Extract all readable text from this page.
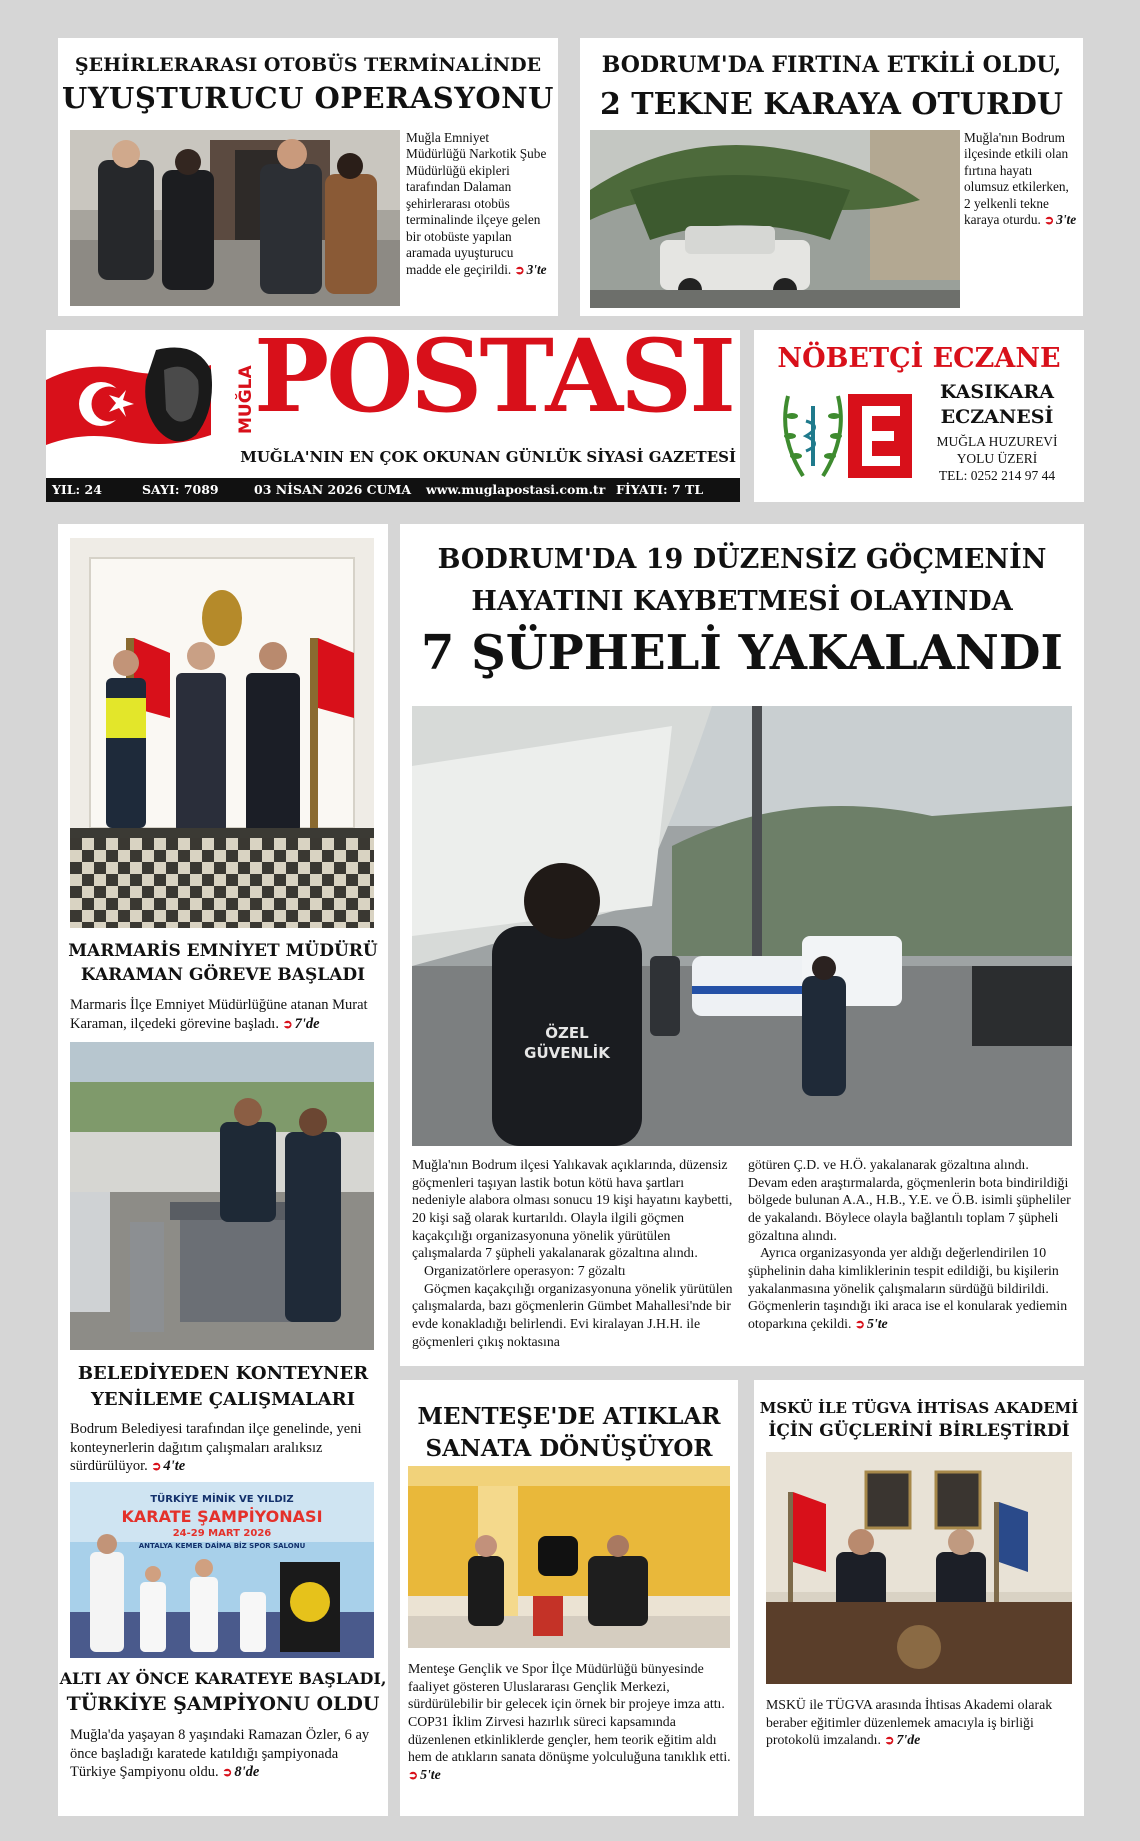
ŞEHİRLERARASI OTOBÜS TERMİNALİNDE
UYUŞTURUCU OPERASYONU
Muğla Emniyet Müdürlüğü Narkotik Şube Müdürlüğü ekipleri tarafından Dalaman şehirlerarası otobüs terminalinde ilçeye gelen bir otobüste yapılan aramada uyuşturucu madde ele geçirildi. ➲ 3'te
BODRUM'DA FIRTINA ETKİLİ OLDU,
2 TEKNE KARAYA OTURDU
Muğla'nın Bodrum ilçesinde etkili olan fırtına hayatı olumsuz etkilerken, 2 yelkenli tekne karaya oturdu. ➲ 3'te
MUĞLA
POSTASI
MUĞLA'NIN EN ÇOK OKUNAN GÜNLÜK SİYASİ GAZETESİ
YIL: 24	SAYI: 7089	03 NİSAN 2026 CUMA www.muglapostasi.com.tr FİYATI: 7 TL
NÖBETÇİ ECZANE
KASIKARA
ECZANESİ
MUĞLA HUZUREVİ
YOLU ÜZERİ
TEL: 0252 214 97 44
MARMARİS EMNİYET MÜDÜRÜ
KARAMAN GÖREVE BAŞLADI
Marmaris İlçe Emniyet Müdürlüğüne atanan Murat Karaman, ilçedeki görevine başladı. ➲ 7'de
BELEDİYEDEN KONTEYNER
YENİLEME ÇALIŞMALARI
Bodrum Belediyesi tarafından ilçe genelinde, yeni konteynerlerin dağıtım çalışmaları aralıksız sürdürülüyor. ➲ 4'te
TÜRKİYE MİNİK VE YILDIZ
KARATE ŞAMPİYONASI
24-29 MART 2026
ANTALYA KEMER DAİMA BİZ SPOR SALONU
ALTI AY ÖNCE KARATEYE BAŞLADI,
TÜRKİYE ŞAMPİYONU OLDU
Muğla'da yaşayan 8 yaşındaki Ramazan Özler, 6 ay önce başladığı karatede katıldığı şampiyonada Türkiye Şampiyonu oldu. ➲ 8'de
BODRUM'DA 19 DÜZENSİZ GÖÇMENİN
HAYATINI KAYBETMESİ OLAYINDA
7 ŞÜPHELİ YAKALANDI
ÖZEL
GÜVENLİK

Muğla'nın Bodrum ilçesi Yalıkavak açıklarında, düzensiz göçmenleri taşıyan lastik botun kötü hava şartları nedeniyle alabora olması sonucu 19 kişi hayatını kaybetti, 20 kişi sağ olarak kurtarıldı. Olayla ilgili göçmen kaçakçılığı organizasyonuna yönelik yürütülen çalışmalarda 7 şüpheli yakalanarak gözaltına alındı.

Organizatörlere operasyon: 7 gözaltı

Göçmen kaçakçılığı organizasyonuna yönelik yürütülen çalışmalarda, bazı göçmenlerin Gümbet Mahallesi'nde bir evde konakladığı belirlendi. Evi kiralayan J.H.H. ile göçmenleri çıkış noktasına

götüren Ç.D. ve H.Ö. yakalanarak gözaltına alındı. Devam eden araştırmalarda, göçmenlerin bota bindirildiği bölgede bulunan A.A., H.B., Y.E. ve Ö.B. isimli şüpheliler de yakalandı. Böylece olayla bağlantılı toplam 7 şüpheli gözaltına alındı.

Ayrıca organizasyonda yer aldığı değerlendirilen 10 şüphelinin daha kimliklerinin tespit edildiği, bu kişilerin yakalanmasına yönelik çalışmaların sürdüğü bildirildi. Göçmenlerin taşındığı iki araca ise el konularak yediemin otoparkına çekildi. ➲ 5'te

MENTEŞE'DE ATIKLAR
SANATA DÖNÜŞÜYOR
Menteşe Gençlik ve Spor İlçe Müdürlüğü bünyesinde faaliyet gösteren Uluslararası Gençlik Merkezi, sürdürülebilir bir gelecek için örnek bir projeye imza attı. COP31 İklim Zirvesi hazırlık süreci kapsamında düzenlenen etkinliklerde gençler, hem teorik eğitim aldı hem de atıkların sanata dönüşme yolculuğuna tanıklık etti. ➲ 5'te
MSKÜ İLE TÜGVA İHTİSAS AKADEMİ
İÇİN GÜÇLERİNİ BİRLEŞTİRDİ
MSKÜ ile TÜGVA arasında İhtisas Akademi olarak beraber eğitimler düzenlemek amacıyla iş birliği protokolü imzalandı. ➲ 7'de
